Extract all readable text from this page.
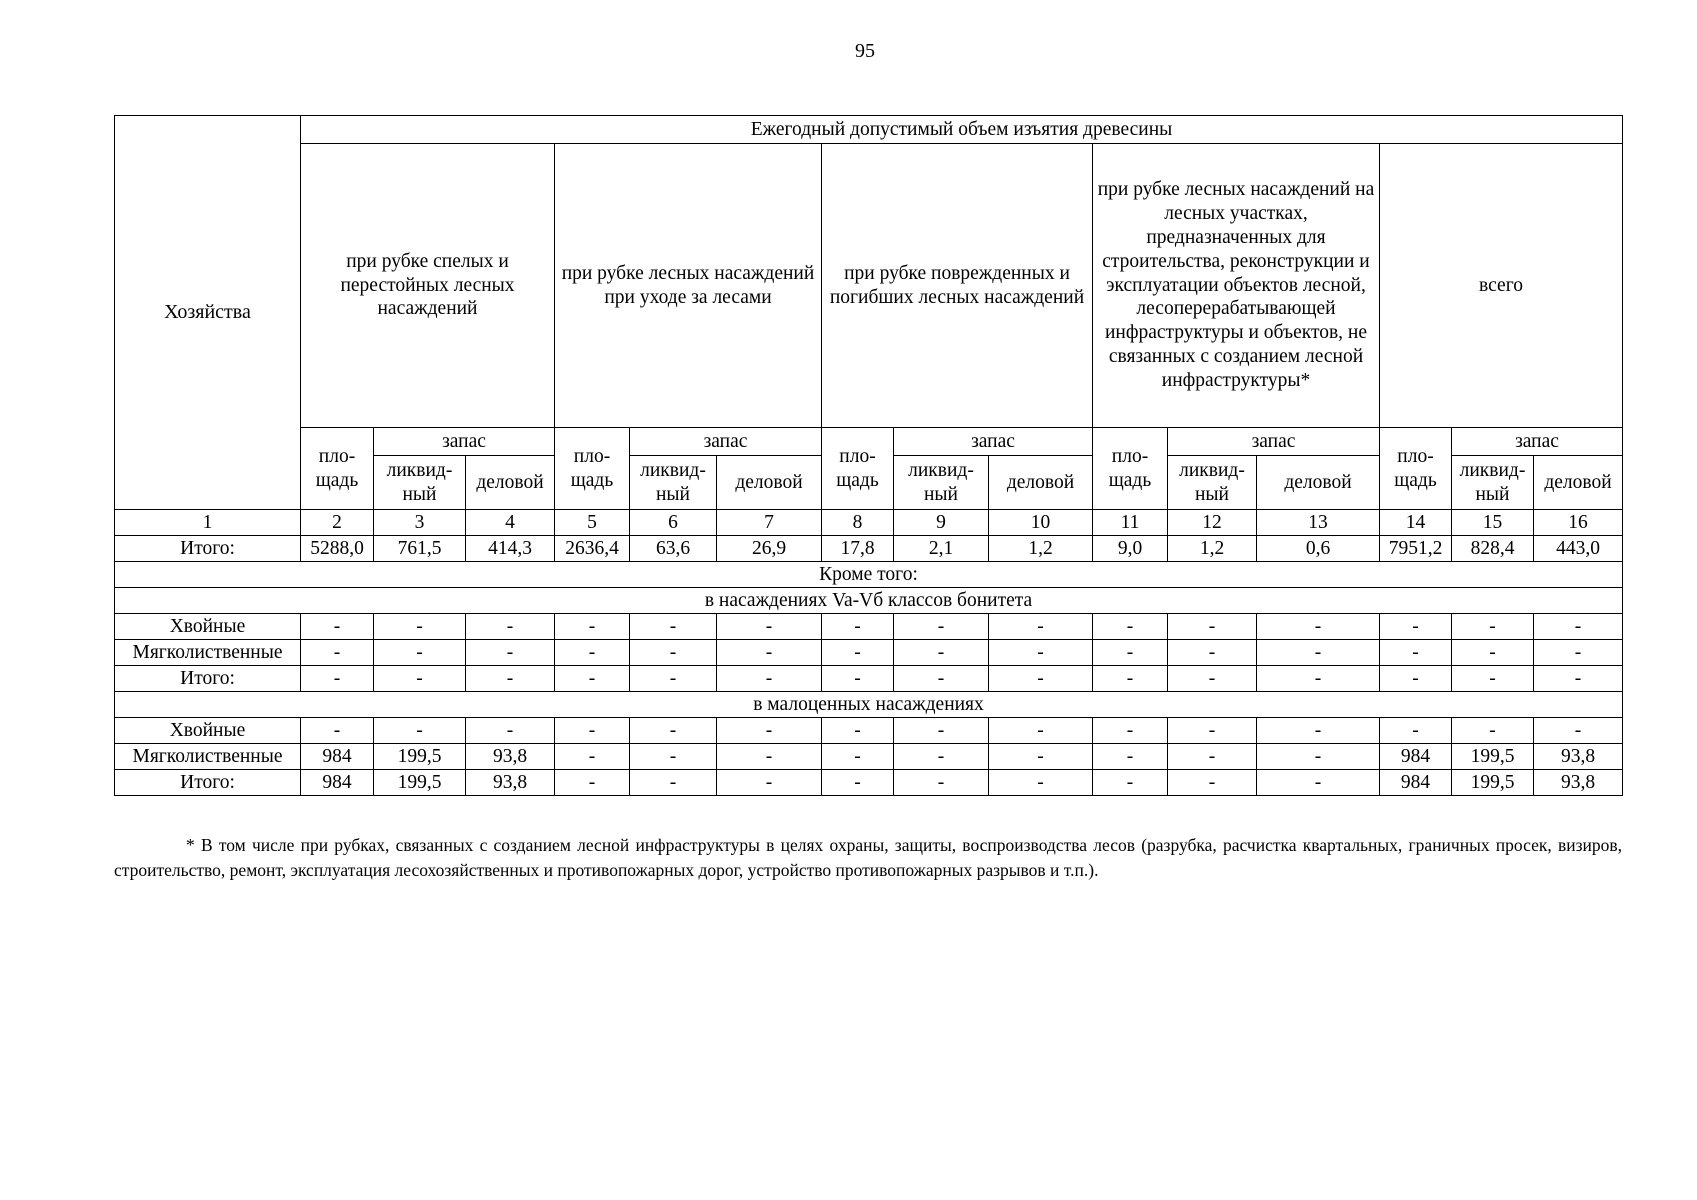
95
Хозяйства	Ежегодный допустимый объем изъятия древесины														
	при рубке спелых и перестойных лесных насаждений			при рубке лесных насаждений при уходе за лесами			при рубке поврежденных и погибших лесных насаждений			при рубке лесных насаждений на лесных участках, предназначенных для строительства, реконструкции и эксплуатации объектов лесной, лесоперерабатывающей инфраструктуры и объектов, не связанных с созданием лесной инфраструктуры*			всего		
	пло-щадь	запас		пло-щадь	запас		пло-щадь	запас		пло-щадь	запас		пло-щадь	запас	
		ликвид-ный	деловой		ликвид-ный	деловой		ликвид-ный	деловой		ликвид-ный	деловой		ликвид-ный	деловой
1	2	3	4	5	6	7	8	9	10	11	12	13	14	15	16
Итого:	5288,0	761,5	414,3	2636,4	63,6	26,9	17,8	2,1	1,2	9,0	1,2	0,6	7951,2	828,4	443,0
Кроме того:															
в насаждениях Va-Vб классов бонитета															
Хвойные	-	-	-	-	-	-	-	-	-	-	-	-	-	-	-
Мягколиственные	-	-	-	-	-	-	-	-	-	-	-	-	-	-	-
Итого:	-	-	-	-	-	-	-	-	-	-	-	-	-	-	-
в малоценных насаждениях															
Хвойные	-	-	-	-	-	-	-	-	-	-	-	-	-	-	-
Мягколиственные	984	199,5	93,8	-	-	-	-	-	-	-	-	-	984	199,5	93,8
Итого:	984	199,5	93,8	-	-	-	-	-	-	-	-	-	984	199,5	93,8
* В том числе при рубках, связанных с созданием лесной инфраструктуры в целях охраны, защиты, воспроизводства лесов (разрубка, расчистка квартальных, граничных просек, визиров, строительство, ремонт, эксплуатация лесохозяйственных и противопожарных дорог, устройство противопожарных разрывов и т.п.).
